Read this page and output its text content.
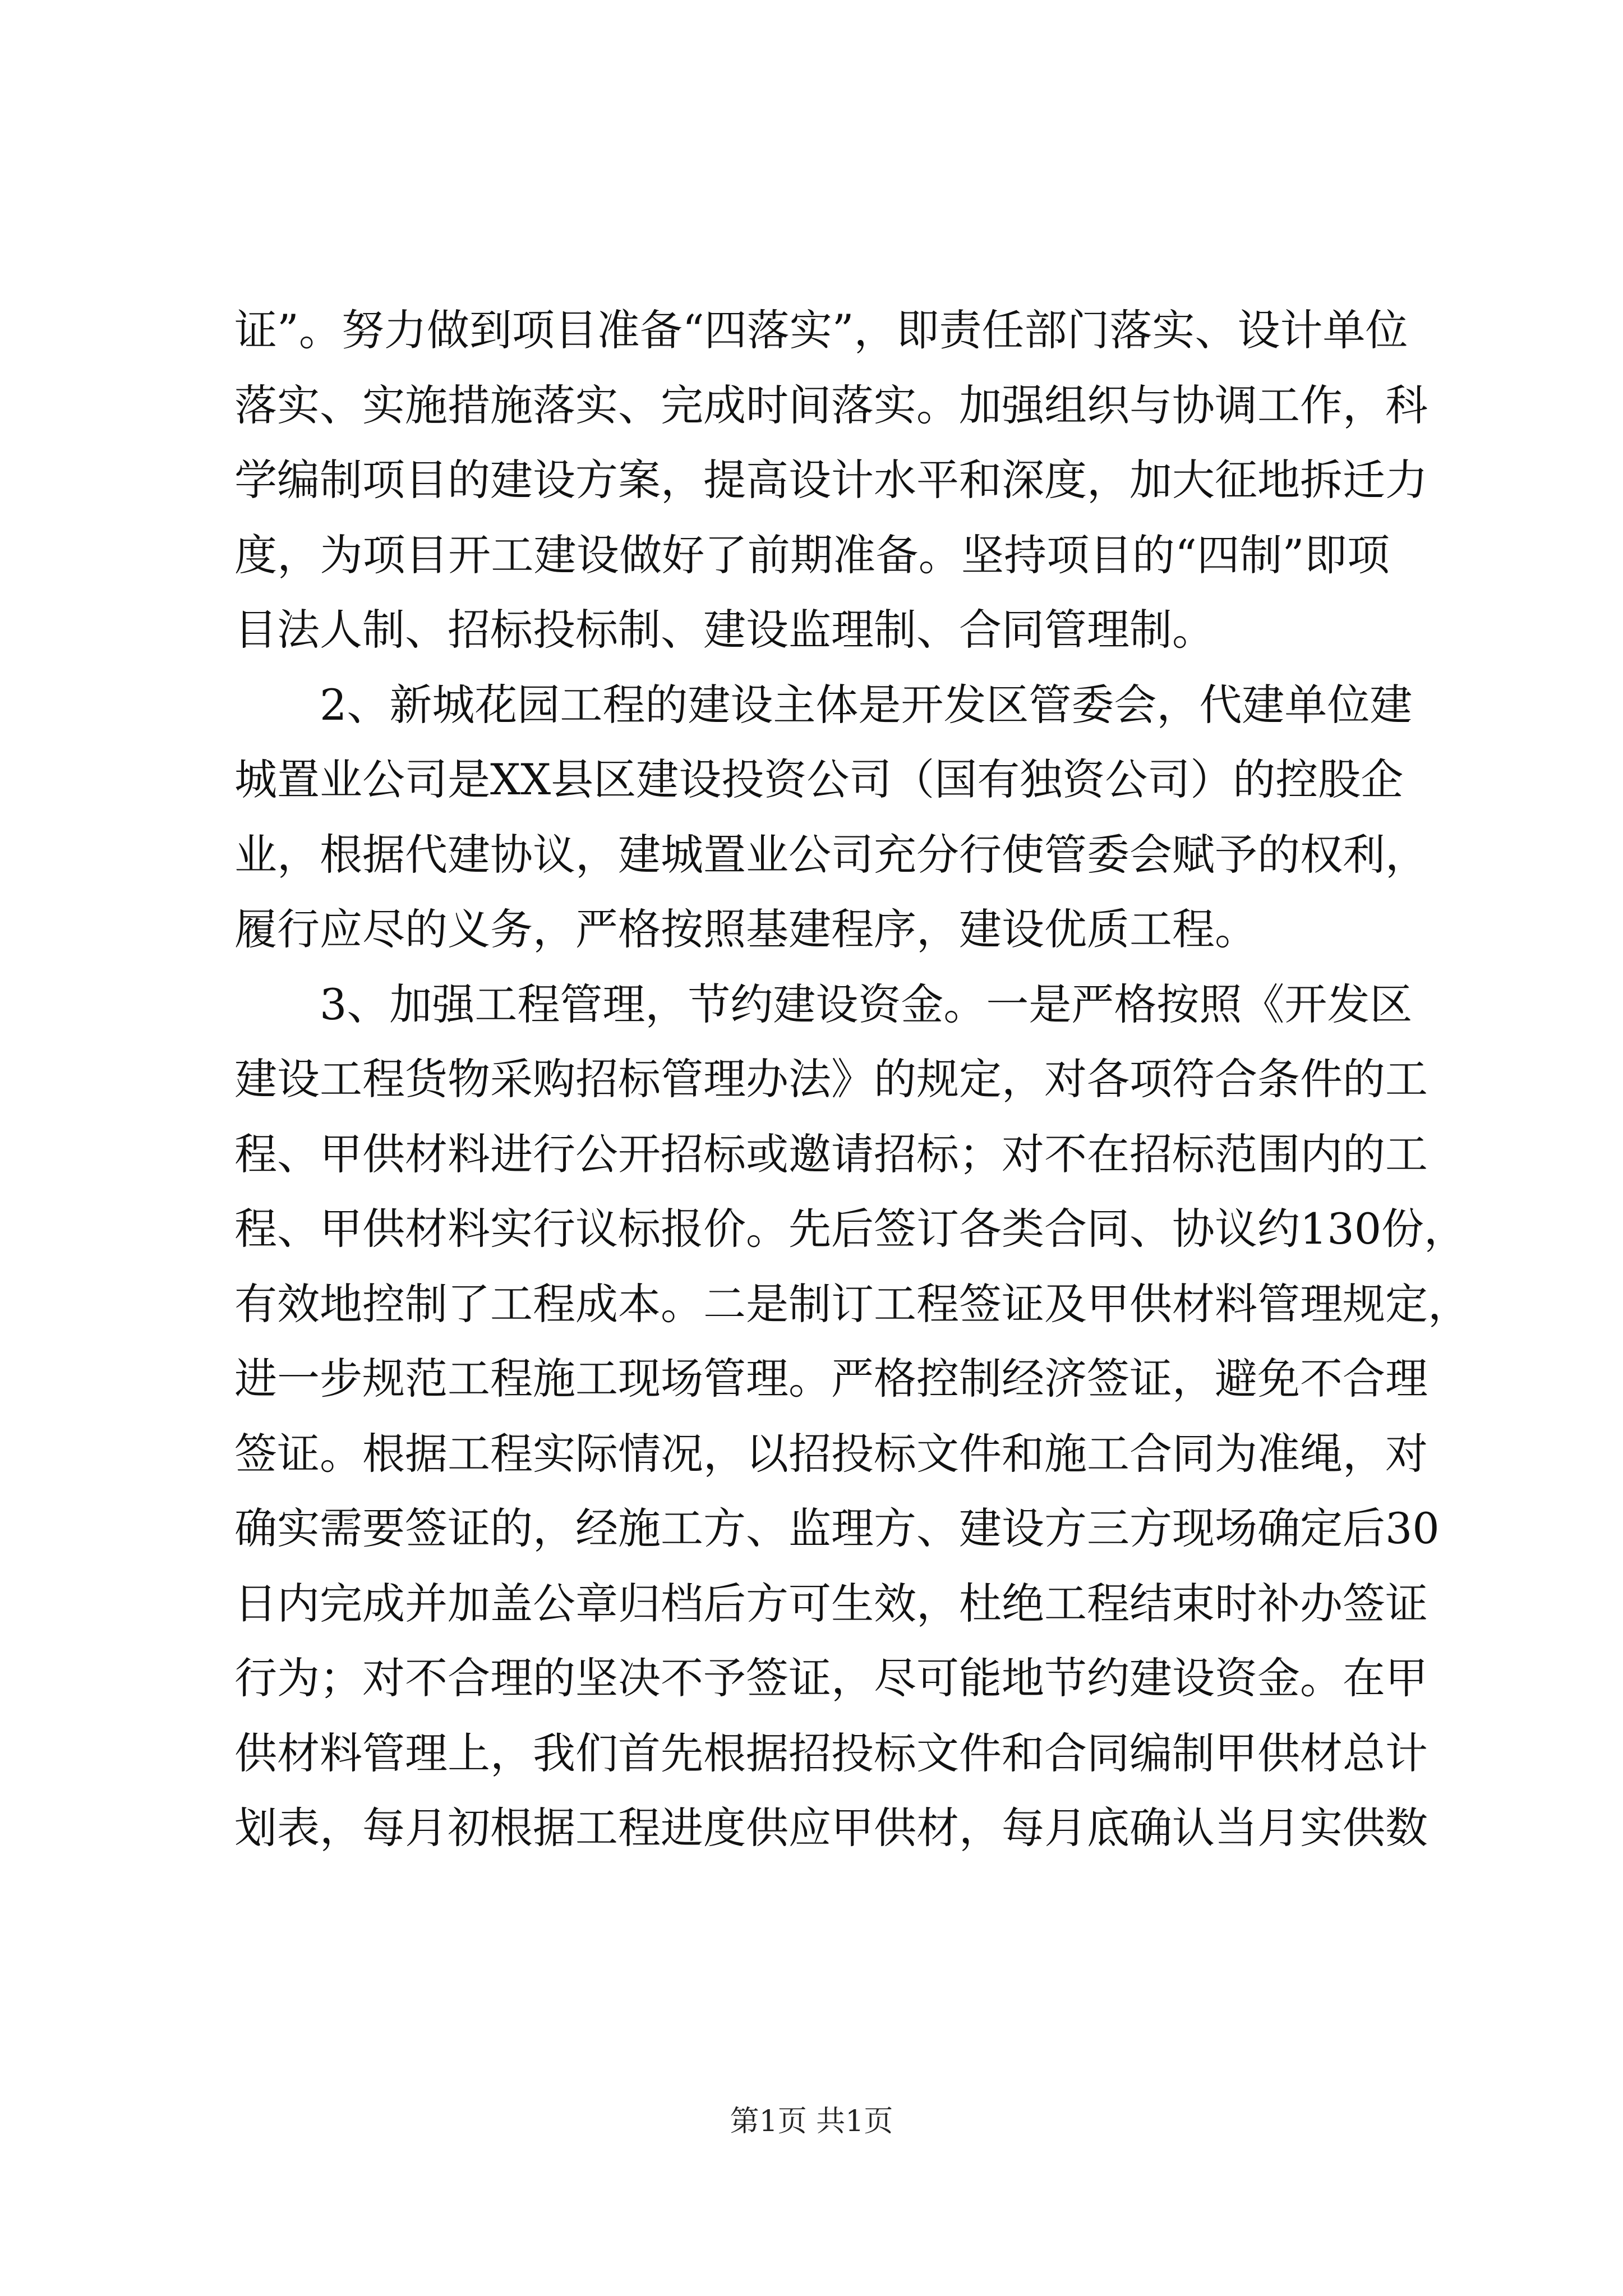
证”。努力做到项目准备“四落实”，即责任部门落实、设计单位
落实、实施措施落实、完成时间落实。加强组织与协调工作，科
学编制项目的建设方案，提高设计水平和深度，加大征地拆迁力
度，为项目开工建设做好了前期准备。坚持项目的“四制”即项
目法人制、招标投标制、建设监理制、合同管理制。
2、新城花园工程的建设主体是开发区管委会，代建单位建
城置业公司是XX县区建设投资公司（国有独资公司）的控股企
业，根据代建协议，建城置业公司充分行使管委会赋予的权利，
履行应尽的义务，严格按照基建程序，建设优质工程。
3、加强工程管理，节约建设资金。一是严格按照《开发区
建设工程货物采购招标管理办法》的规定，对各项符合条件的工
程、甲供材料进行公开招标或邀请招标；对不在招标范围内的工
程、甲供材料实行议标报价。先后签订各类合同、协议约130份，
有效地控制了工程成本。二是制订工程签证及甲供材料管理规定，
进一步规范工程施工现场管理。严格控制经济签证，避免不合理
签证。根据工程实际情况，以招投标文件和施工合同为准绳，对
确实需要签证的，经施工方、监理方、建设方三方现场确定后30
日内完成并加盖公章归档后方可生效，杜绝工程结束时补办签证
行为；对不合理的坚决不予签证，尽可能地节约建设资金。在甲
供材料管理上，我们首先根据招投标文件和合同编制甲供材总计
划表，每月初根据工程进度供应甲供材，每月底确认当月实供数
第1页 共1页
